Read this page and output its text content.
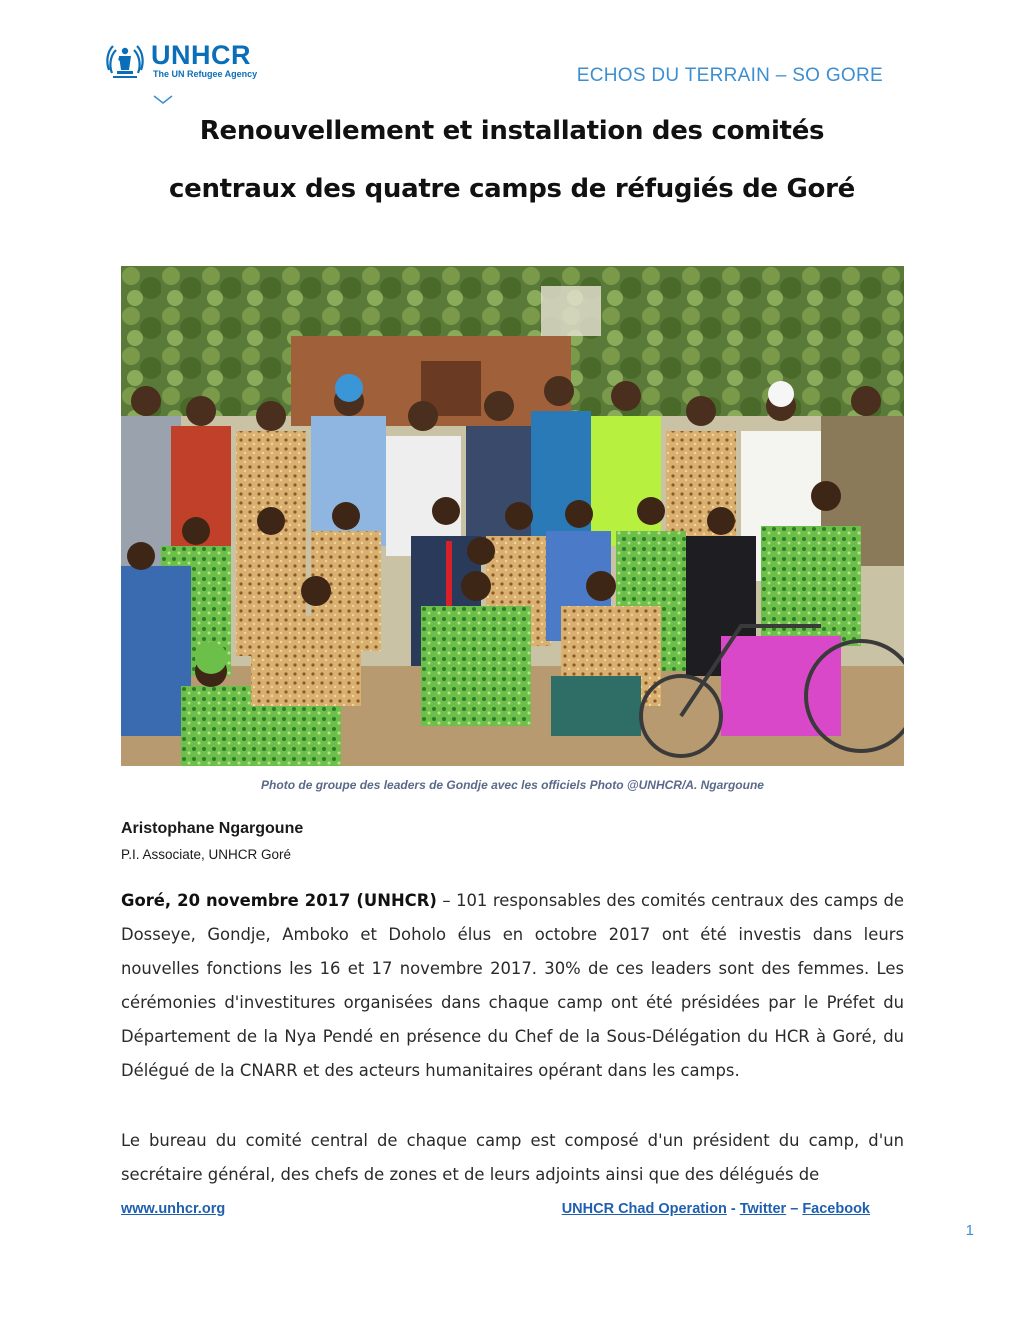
UNHCR
The UN Refugee Agency	ECHOS DU TERRAIN – SO GORE
Renouvellement et installation des comités
centraux des quatre camps de réfugiés de Goré
Photo de groupe des leaders de Gondje avec les officiels Photo @UNHCR/A. Ngargoune
Aristophane Ngargoune
P.I. Associate, UNHCR Goré
Goré, 20 novembre 2017 (UNHCR) – 101 responsables des comités centraux des camps de Dosseye, Gondje, Amboko et Doholo élus en octobre 2017 ont été investis dans leurs nouvelles fonctions les 16 et 17 novembre 2017. 30% de ces leaders sont des femmes. Les cérémonies d'investitures organisées dans chaque camp ont été présidées par le Préfet du Département de la Nya Pendé en présence du Chef de la Sous-Délégation du HCR à Goré, du Délégué de la CNARR et des acteurs humanitaires opérant dans les camps.
Le bureau du comité central de chaque camp est composé d'un président du camp, d'un secrétaire général, des chefs de zones et de leurs adjoints ainsi que des délégués de
www.unhcr.org	UNHCR Chad Operation - Twitter – Facebook
1
